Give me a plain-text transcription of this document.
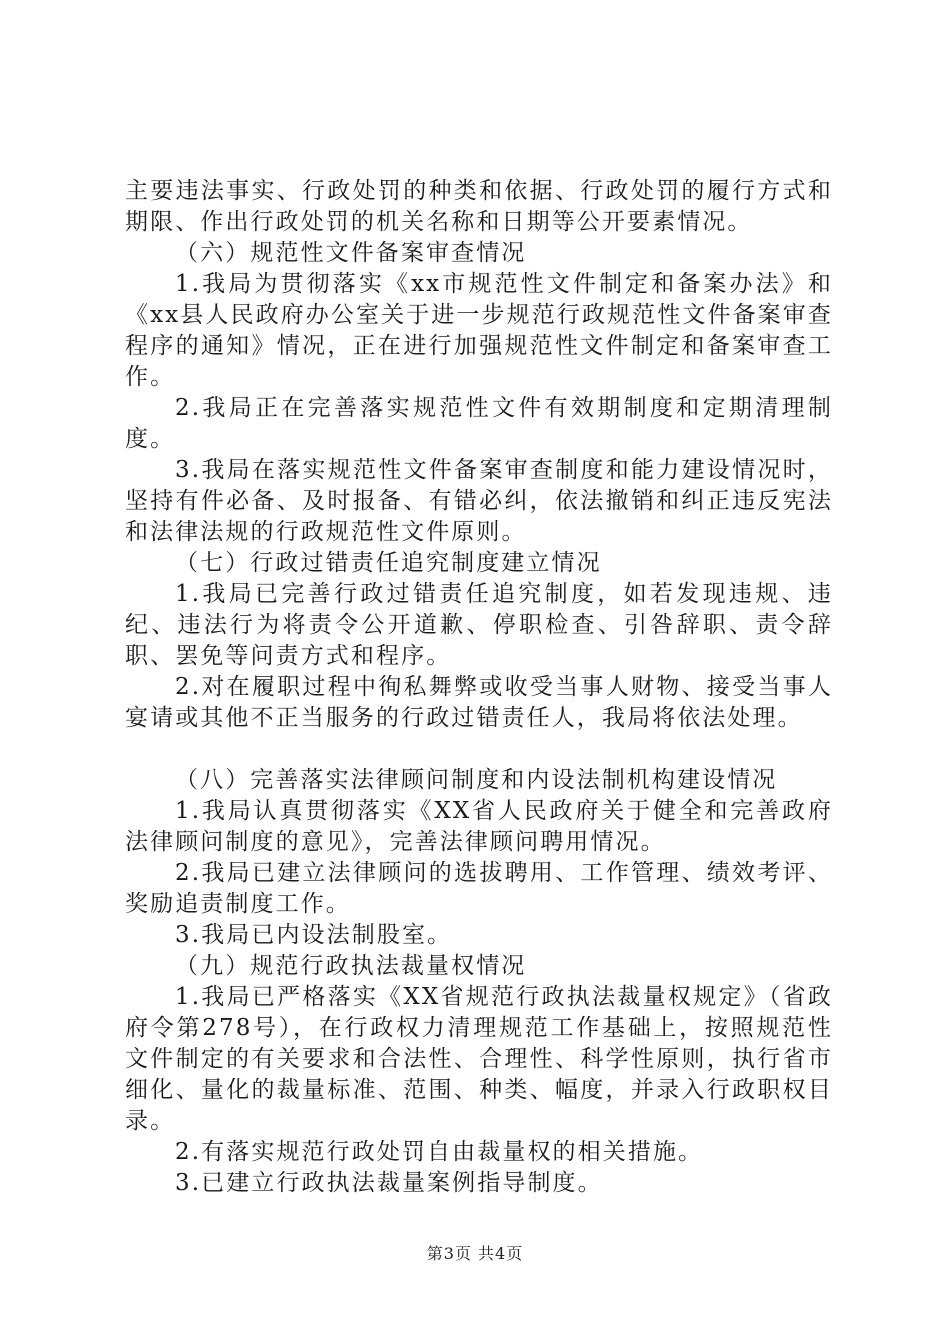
主要违法事实、行政处罚的种类和依据、行政处罚的履行方式和期限、作出行政处罚的机关名称和日期等公开要素情况。

（六）规范性文件备案审查情况

1.我局为贯彻落实《xx市规范性文件制定和备案办法》和《xx县人民政府办公室关于进一步规范行政规范性文件备案审查程序的通知》情况，正在进行加强规范性文件制定和备案审查工作。

2.我局正在完善落实规范性文件有效期制度和定期清理制度。

3.我局在落实规范性文件备案审查制度和能力建设情况时，坚持有件必备、及时报备、有错必纠，依法撤销和纠正违反宪法和法律法规的行政规范性文件原则。

（七）行政过错责任追究制度建立情况

1.我局已完善行政过错责任追究制度，如若发现违规、违纪、违法行为将责令公开道歉、停职检查、引咎辞职、责令辞职、罢免等问责方式和程序。

2.对在履职过程中徇私舞弊或收受当事人财物、接受当事人宴请或其他不正当服务的行政过错责任人，我局将依法处理。

（八）完善落实法律顾问制度和内设法制机构建设情况

1.我局认真贯彻落实《XX省人民政府关于健全和完善政府法律顾问制度的意见》，完善法律顾问聘用情况。

2.我局已建立法律顾问的选拔聘用、工作管理、绩效考评、奖励追责制度工作。

3.我局已内设法制股室。

（九）规范行政执法裁量权情况

1.我局已严格落实《XX省规范行政执法裁量权规定》（省政府令第278号），在行政权力清理规范工作基础上，按照规范性文件制定的有关要求和合法性、合理性、科学性原则，执行省市细化、量化的裁量标准、范围、种类、幅度，并录入行政职权目录。

2.有落实规范行政处罚自由裁量权的相关措施。

3.已建立行政执法裁量案例指导制度。

第3页 共4页
